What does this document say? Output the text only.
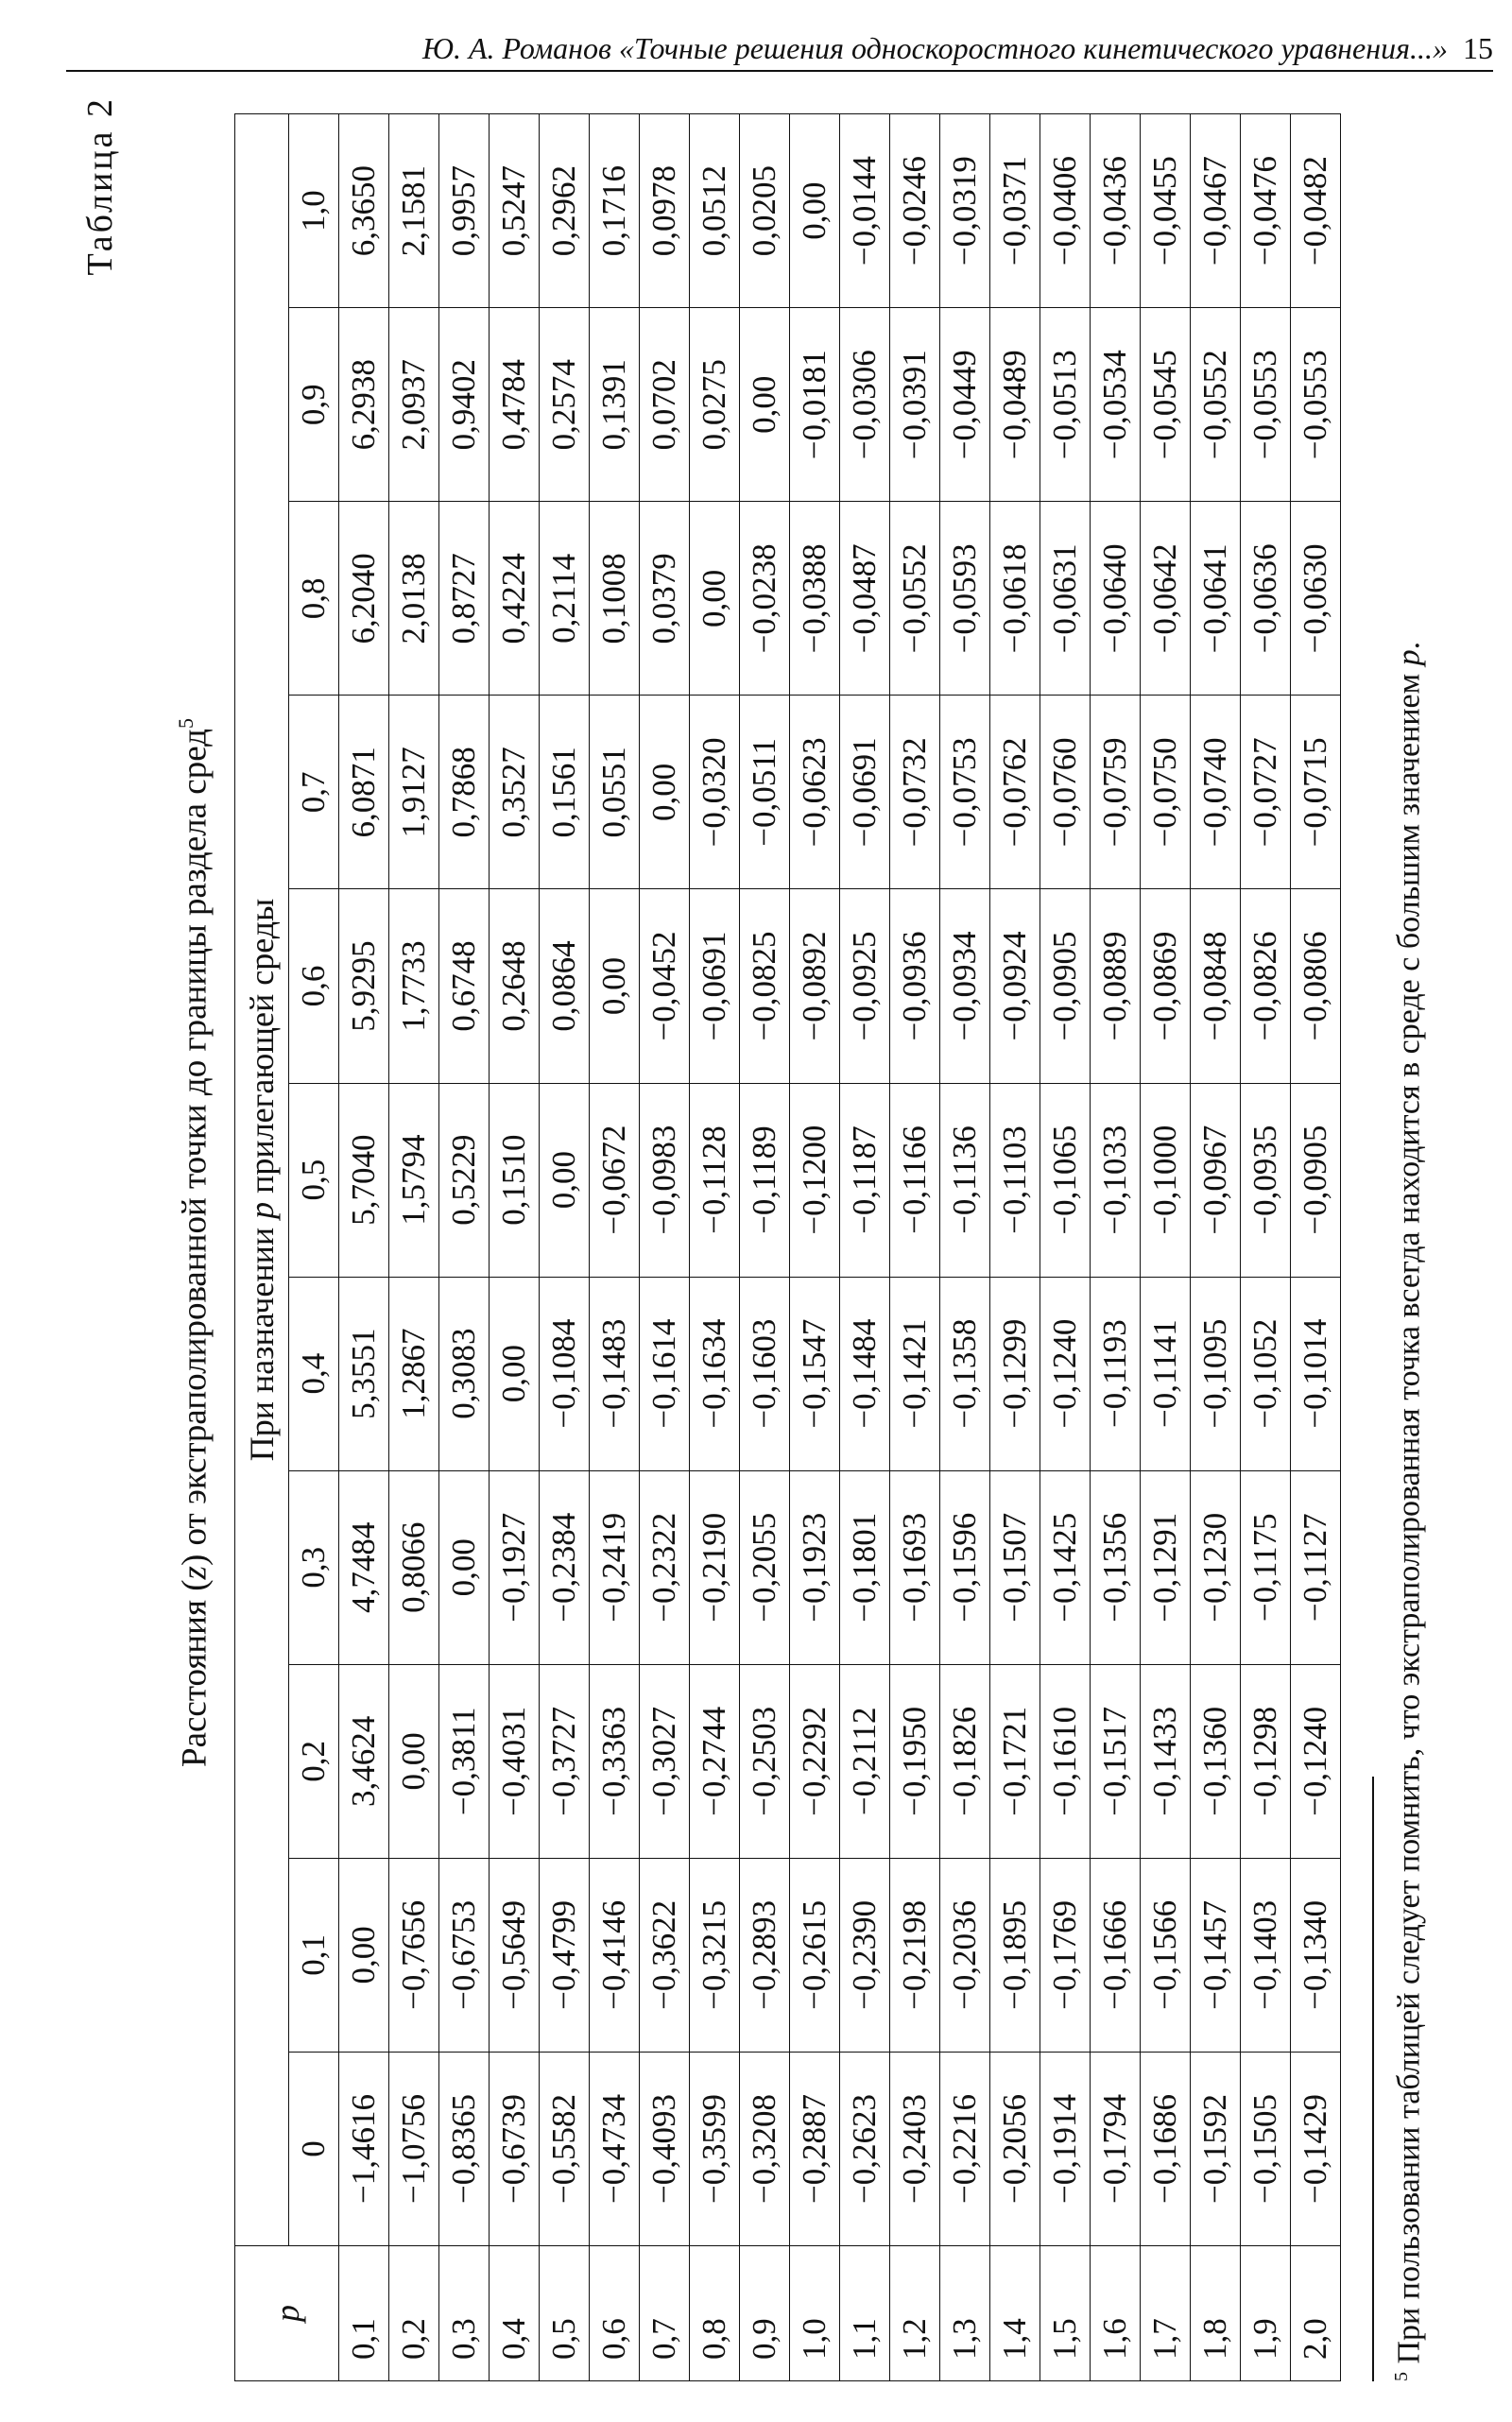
Ю. А. Романов «Точные решения односкоростного кинетического уравнения...» 15
Таблица 2
Расстояния (z) от экстраполированной точки до границы раздела сред$^5$
p	При назначении p прилегающей среды										
	0	0,1	0,2	0,3	0,4	0,5	0,6	0,7	0,8	0,9	1,0
0,1	−1,4616	0,00	3,4624	4,7484	5,3551	5,7040	5,9295	6,0871	6,2040	6,2938	6,3650
0,2	−1,0756	−0,7656	0,00	0,8066	1,2867	1,5794	1,7733	1,9127	2,0138	2,0937	2,1581
0,3	−0,8365	−0,6753	−0,3811	0,00	0,3083	0,5229	0,6748	0,7868	0,8727	0,9402	0,9957
0,4	−0,6739	−0,5649	−0,4031	−0,1927	0,00	0,1510	0,2648	0,3527	0,4224	0,4784	0,5247
0,5	−0,5582	−0,4799	−0,3727	−0,2384	−0,1084	0,00	0,0864	0,1561	0,2114	0,2574	0,2962
0,6	−0,4734	−0,4146	−0,3363	−0,2419	−0,1483	−0,0672	0,00	0,0551	0,1008	0,1391	0,1716
0,7	−0,4093	−0,3622	−0,3027	−0,2322	−0,1614	−0,0983	−0,0452	0,00	0,0379	0,0702	0,0978
0,8	−0,3599	−0,3215	−0,2744	−0,2190	−0,1634	−0,1128	−0,0691	−0,0320	0,00	0,0275	0,0512
0,9	−0,3208	−0,2893	−0,2503	−0,2055	−0,1603	−0,1189	−0,0825	−0,0511	−0,0238	0,00	0,0205
1,0	−0,2887	−0,2615	−0,2292	−0,1923	−0,1547	−0,1200	−0,0892	−0,0623	−0,0388	−0,0181	0,00
1,1	−0,2623	−0,2390	−0,2112	−0,1801	−0,1484	−0,1187	−0,0925	−0,0691	−0,0487	−0,0306	−0,0144
1,2	−0,2403	−0,2198	−0,1950	−0,1693	−0,1421	−0,1166	−0,0936	−0,0732	−0,0552	−0,0391	−0,0246
1,3	−0,2216	−0,2036	−0,1826	−0,1596	−0,1358	−0,1136	−0,0934	−0,0753	−0,0593	−0,0449	−0,0319
1,4	−0,2056	−0,1895	−0,1721	−0,1507	−0,1299	−0,1103	−0,0924	−0,0762	−0,0618	−0,0489	−0,0371
1,5	−0,1914	−0,1769	−0,1610	−0,1425	−0,1240	−0,1065	−0,0905	−0,0760	−0,0631	−0,0513	−0,0406
1,6	−0,1794	−0,1666	−0,1517	−0,1356	−0,1193	−0,1033	−0,0889	−0,0759	−0,0640	−0,0534	−0,0436
1,7	−0,1686	−0,1566	−0,1433	−0,1291	−0,1141	−0,1000	−0,0869	−0,0750	−0,0642	−0,0545	−0,0455
1,8	−0,1592	−0,1457	−0,1360	−0,1230	−0,1095	−0,0967	−0,0848	−0,0740	−0,0641	−0,0552	−0,0467
1,9	−0,1505	−0,1403	−0,1298	−0,1175	−0,1052	−0,0935	−0,0826	−0,0727	−0,0636	−0,0553	−0,0476
2,0	−0,1429	−0,1340	−0,1240	−0,1127	−0,1014	−0,0905	−0,0806	−0,0715	−0,0630	−0,0553	−0,0482
$^5$ При пользовании таблицей следует помнить, что экстраполированная точка всегда находится в среде с большим значением p.
